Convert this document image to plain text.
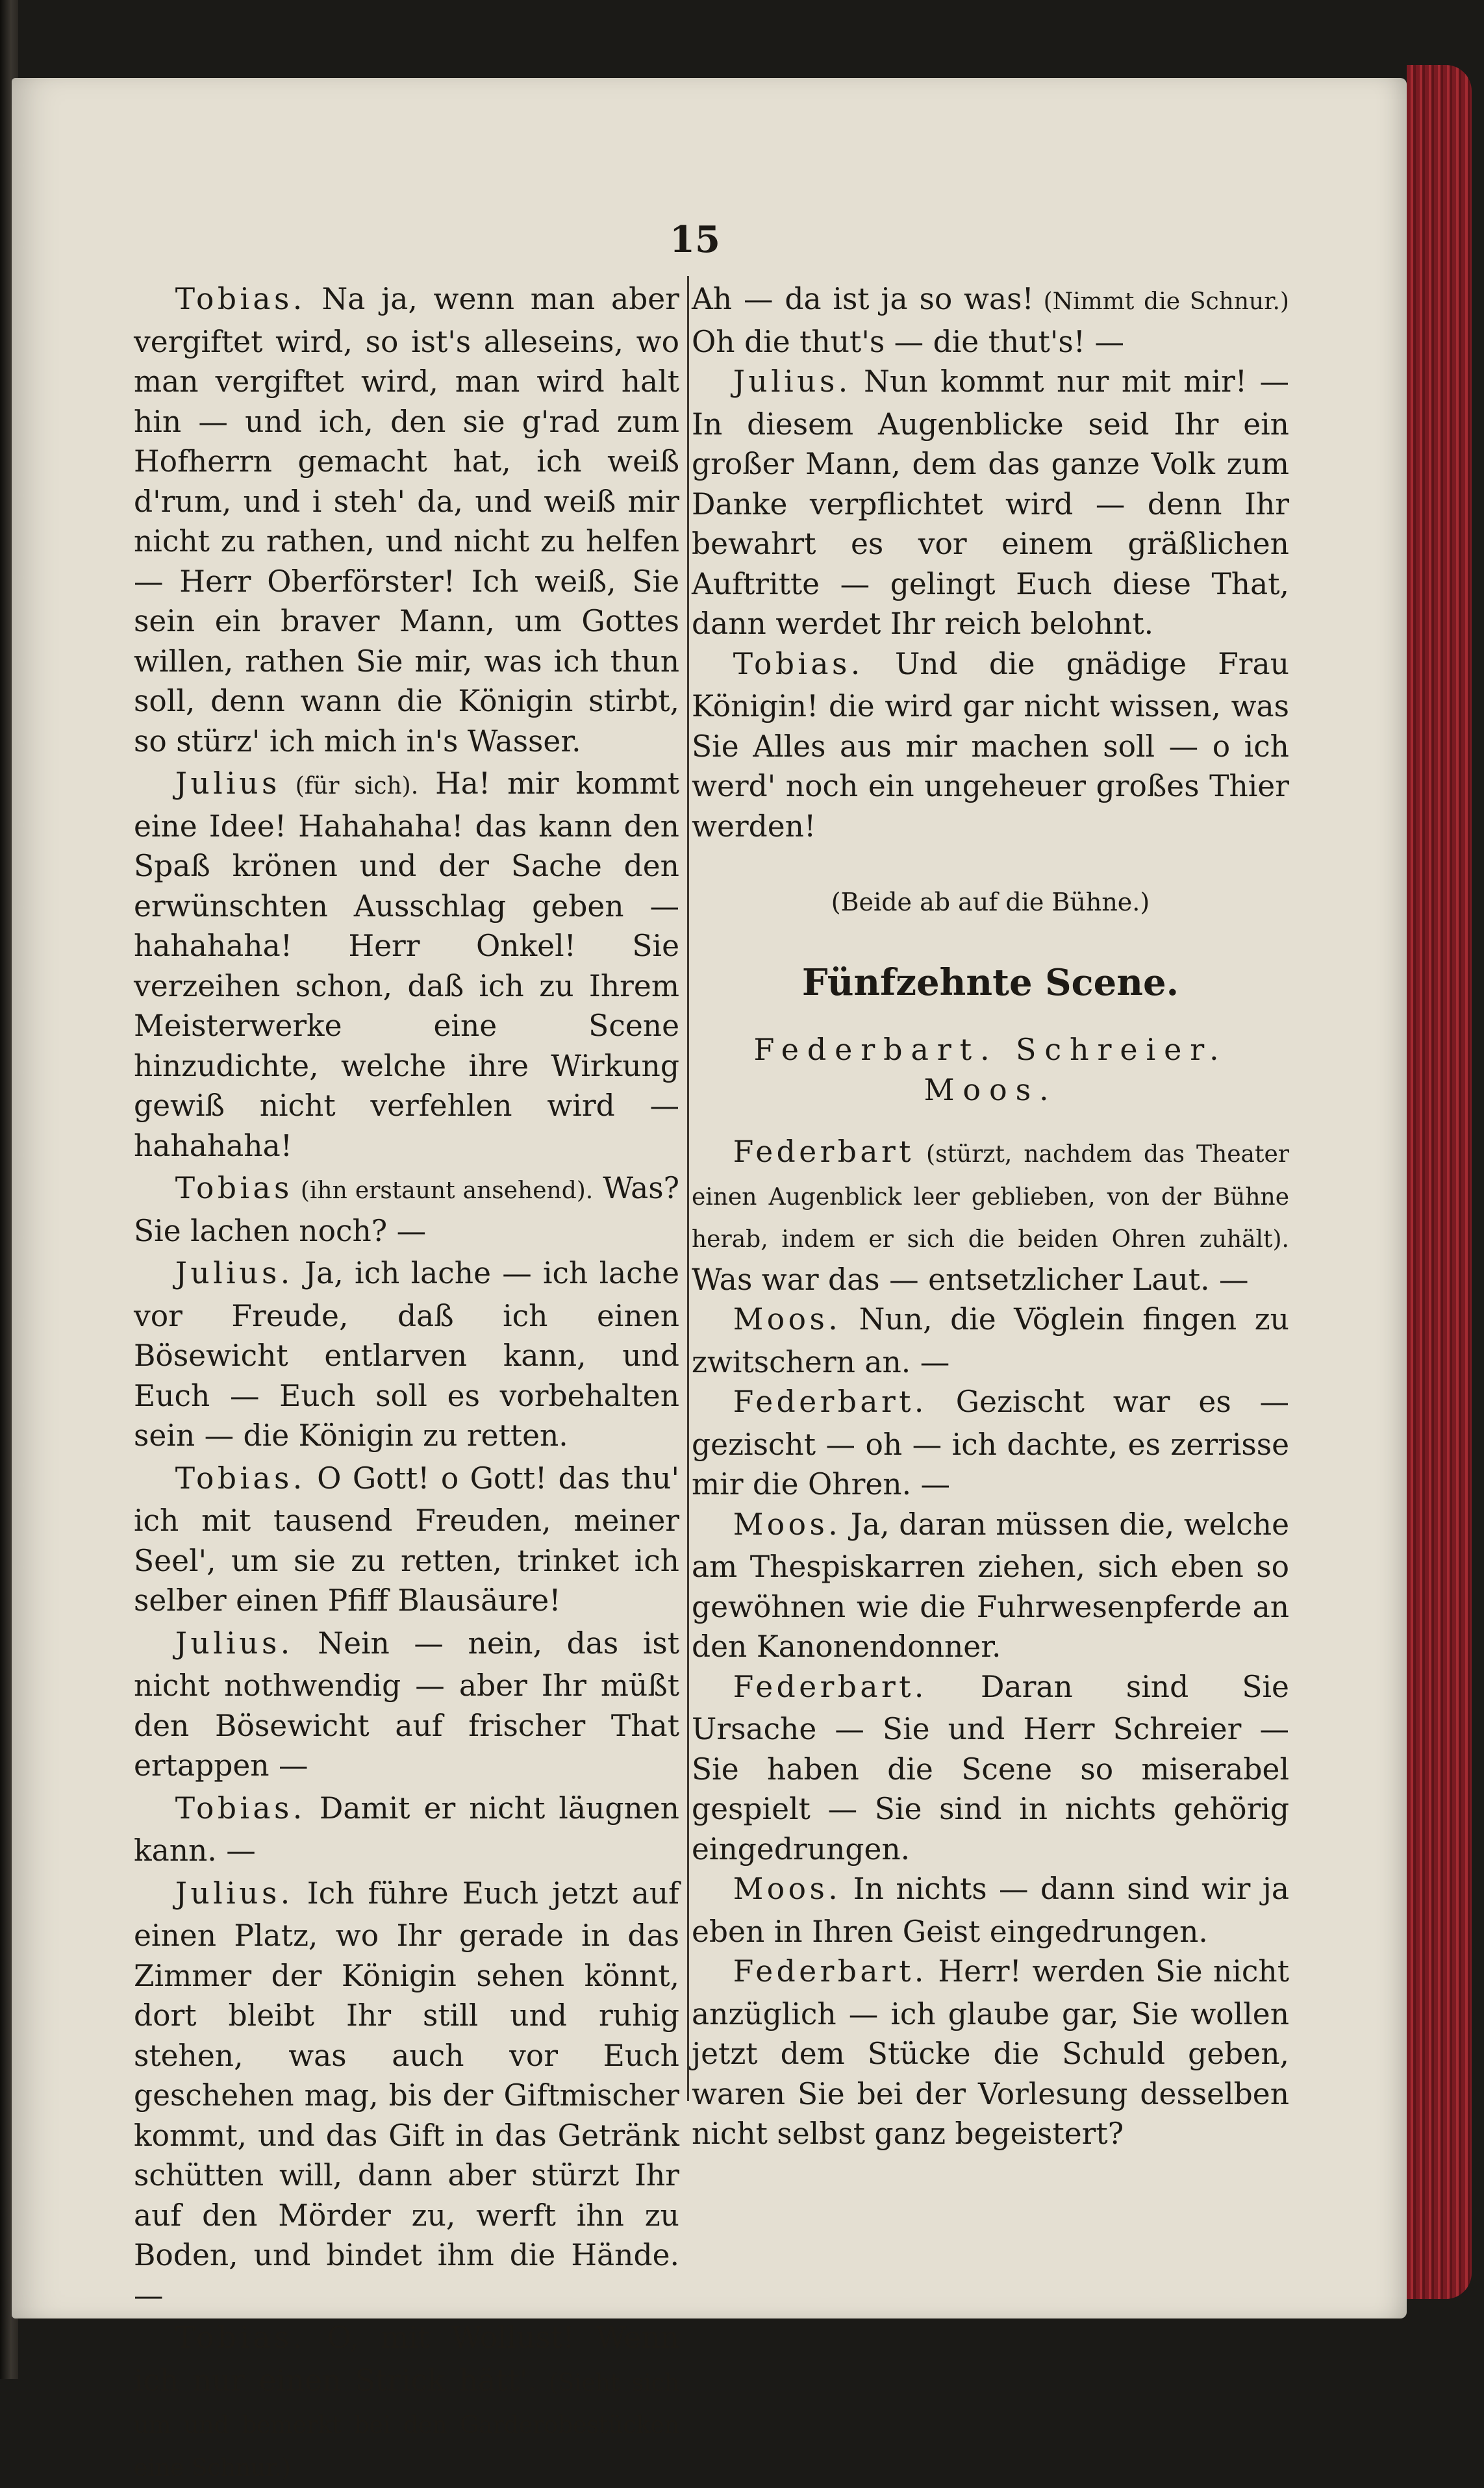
15

Tobias. Na ja, wenn man aber vergiftet wird, so ist's alleseins, wo man vergiftet wird, man wird halt hin — und ich, den sie g'rad zum Hofherrn gemacht hat, ich weiß d'rum, und i steh' da, und weiß mir nicht zu rathen, und nicht zu helfen — Herr Oberförster! Ich weiß, Sie sein ein braver Mann, um Gottes willen, rathen Sie mir, was ich thun soll, denn wann die Königin stirbt, so stürz' ich mich in's Wasser.

Julius (für sich). Ha! mir kommt eine Idee! Hahahaha! das kann den Spaß krönen und der Sache den erwünschten Ausschlag geben — hahahaha! Herr Onkel! Sie verzeihen schon, daß ich zu Ihrem Meisterwerke eine Scene hinzudichte, welche ihre Wirkung gewiß nicht verfehlen wird — hahahaha!

Tobias (ihn erstaunt ansehend). Was? Sie lachen noch? —

Julius. Ja, ich lache — ich lache vor Freude, daß ich einen Bösewicht entlarven kann, und Euch — Euch soll es vorbehalten sein — die Königin zu retten.

Tobias. O Gott! o Gott! das thu' ich mit tausend Freuden, meiner Seel', um sie zu retten, trinket ich selber einen Pfiff Blausäure!

Julius. Nein — nein, das ist nicht nothwendig — aber Ihr müßt den Bösewicht auf frischer That ertappen —

Tobias. Damit er nicht läugnen kann. —

Julius. Ich führe Euch jetzt auf einen Platz, wo Ihr gerade in das Zimmer der Königin sehen könnt, dort bleibt Ihr still und ruhig stehen, was auch vor Euch geschehen mag, bis der Giftmischer kommt, und das Gift in das Getränk schütten will, dann aber stürzt Ihr auf den Mörder zu, werft ihn zu Boden, und bindet ihm die Hände. —

Tobias. O, mit Wollust! Wenn ich nur einen Strick hätt'. (Sieht sich um und bemerkt bei den Garderobestücken eine Schnur.)

Ah — da ist ja so was! (Nimmt die Schnur.) Oh die thut's — die thut's! —

Julius. Nun kommt nur mit mir! — In diesem Augenblicke seid Ihr ein großer Mann, dem das ganze Volk zum Danke verpflichtet wird — denn Ihr bewahrt es vor einem gräßlichen Auftritte — gelingt Euch diese That, dann werdet Ihr reich belohnt.

Tobias. Und die gnädige Frau Königin! die wird gar nicht wissen, was Sie Alles aus mir machen soll — o ich werd' noch ein ungeheuer großes Thier werden!

(Beide ab auf die Bühne.)
Fünfzehnte Scene.
Federbart. Schreier. Moos.

Federbart (stürzt, nachdem das Theater einen Augenblick leer geblieben, von der Bühne herab, indem er sich die beiden Ohren zuhält). Was war das — entsetzlicher Laut. —

Moos. Nun, die Vöglein fingen zu zwitschern an. —

Federbart. Gezischt war es — gezischt — oh — ich dachte, es zerrisse mir die Ohren. —

Moos. Ja, daran müssen die, welche am Thespiskarren ziehen, sich eben so gewöhnen wie die Fuhrwesenpferde an den Kanonendonner.

Federbart. Daran sind Sie Ursache — Sie und Herr Schreier — Sie haben die Scene so miserabel gespielt — Sie sind in nichts gehörig eingedrungen.

Moos. In nichts — dann sind wir ja eben in Ihren Geist eingedrungen.

Federbart. Herr! werden Sie nicht anzüglich — ich glaube gar, Sie wollen jetzt dem Stücke die Schuld geben, waren Sie bei der Vorlesung desselben nicht selbst ganz begeistert?
